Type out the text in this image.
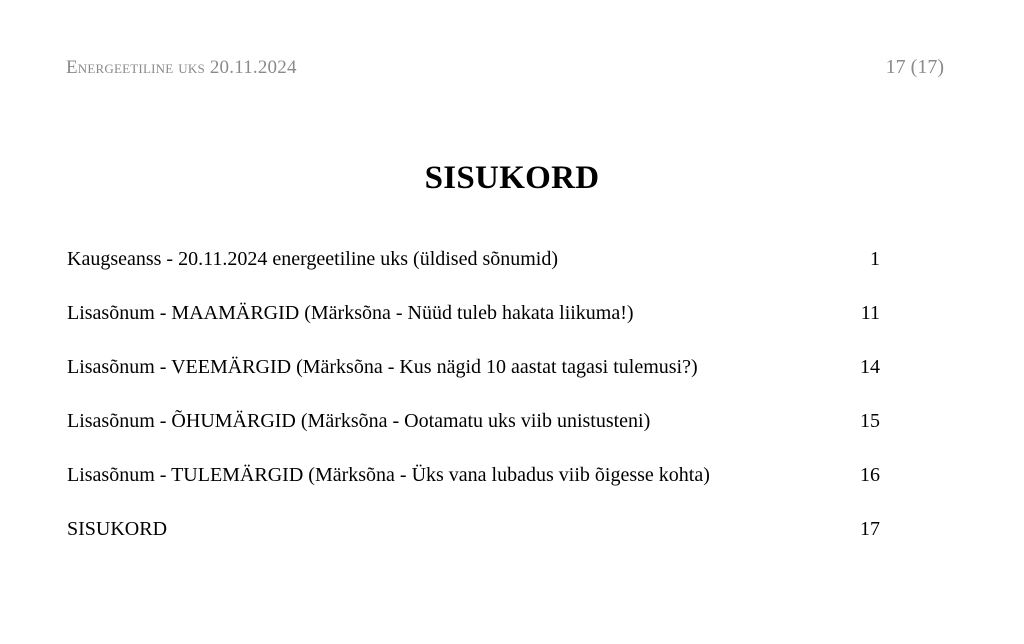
Energeetiline uks 20.11.2024	17 (17)
SISUKORD
Kaugseanss - 20.11.2024 energeetiline uks (üldised sõnumid)	1
Lisasõnum - MAAMÄRGID (Märksõna - Nüüd tuleb hakata liikuma!)	11
Lisasõnum - VEEMÄRGID (Märksõna - Kus nägid 10 aastat tagasi tulemusi?)	14
Lisasõnum - ÕHUMÄRGID (Märksõna - Ootamatu uks viib unistusteni)	15
Lisasõnum - TULEMÄRGID (Märksõna - Üks vana lubadus viib õigesse kohta)	16
SISUKORD	17
